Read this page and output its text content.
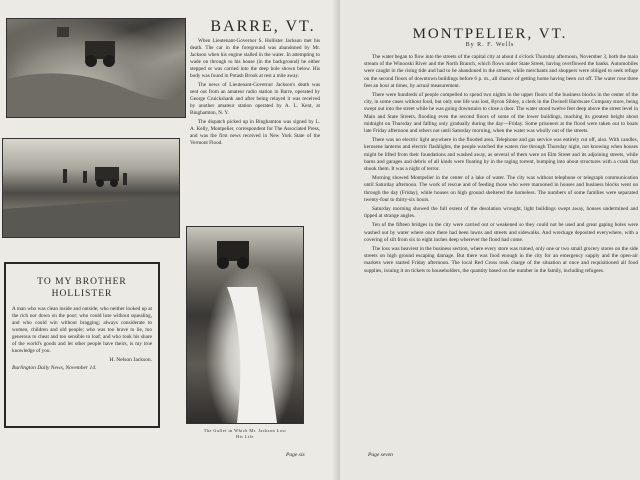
BARRE, VT.

When Lieutenant-Governor S. Hollister Jackson met his death. The car in the foreground was abandoned by Mr. Jackson when his engine stalled in the water. In attempting to wade on through to his house (in the background) he either stepped or was carried into the deep hole shown below. His body was found in Potash Brook at rest a mile away.

The news of Lieutenant-Governor Jackson's death was sent out from an amateur radio station in Barre, operated by George Cruickshank and after being relayed it was received by another amateur station operated by A. L. Kent, at Binghamton, N. Y.

The dispatch picked up in Binghamton was signed by L. A. Kelly, Montpelier, correspondent for The Associated Press, and was the first news received in New York State of the Vermont Flood.

TO MY BROTHER
HOLLISTER
A man who was clean inside and outside; who neither looked up at the rich nor down on the poor; who could lose without squealing, and who could win without bragging; always considerate to women, children and old people; who was too brave to lie, too generous to cheat and too sensible to loaf; and who took his share of the world's goods and let other people have theirs, is my true knowledge of you.
H. Nelson Jackson.
Burlington Daily News, November 14.
The Gullet in Which Mr. Jackson Lost
His Life
Page six	Page seven
MONTPELIER, VT.
By R. F. Wells

The water began to flow into the streets of the capital city at about 4 o'clock Thursday afternoon, November 3, both the main stream of the Winooski River and the North Branch, which flows under State Street, having overflowed the banks. Automobiles were caught in the rising tide and had to be abandoned in the streets, while merchants and shoppers were obliged to seek refuge on the second floors of downtown buildings before 6 p. m., all chance of getting home having been cut off. The water rose three feet an hour at times, by actual measurement.

There were hundreds of people compelled to spend two nights in the upper floors of the business blocks in the center of the city, in some cases without food, but only one life was lost, Byron Sibley, a clerk in the Dwinell Hardware Company store, being swept out into the street while he was going downstairs to close a door. The water stood twelve feet deep above the street level in Main and State Streets, flooding even the second floors of some of the lower buildings, reaching its greatest height about midnight on Thursday and falling only gradually during the day—Friday. Some prisoners at the flood were taken out to boats late Friday afternoon and others not until Saturday morning, when the water was wholly out of the streets.

There was no electric light anywhere in the flooded area. Telephone and gas service was entirely cut off, also. With candles, kerosene lanterns and electric flashlights, the people watched the waters rise through Thursday night, not knowing when houses might be lifted from their foundations and washed away, as several of them were on Elm Street and its adjoining streets, while barns and garages and debris of all kinds were floating by in the raging torrent, bumping into about structures with a crash that shook them. It was a night of terror.

Morning showed Montpelier in the center of a lake of water. The city was without telephone or telegraph communication until Saturday afternoon. The work of rescue and of feeding those who were marooned in houses and business blocks went on through the day (Friday), while houses on high ground sheltered the homeless. The numbers of some families were separated twenty-four to thirty-six hours.

Saturday morning showed the full extent of the desolation wrought, light buildings swept away, houses undermined and tipped at strange angles.

Ten of the fifteen bridges in the city were carried out or weakened so they could not be used and great gaping holes were washed out by water where once there had been lawns and streets and sidewalks. And wreckage deposited everywhere, with a covering of silt from six to eight inches deep wherever the flood had come.

The loss was heaviest in the business section, where every store was ruined, only one or two small grocery stores on the side streets on high ground escaping damage. But there was food enough in the city for an emergency supply and the open-air markets were started Friday afternoon. The local Red Cross took charge of the situation at once and requisitioned all food supplies, issuing it on tickets to householders, the quantity based on the number in the family, including refugees.
